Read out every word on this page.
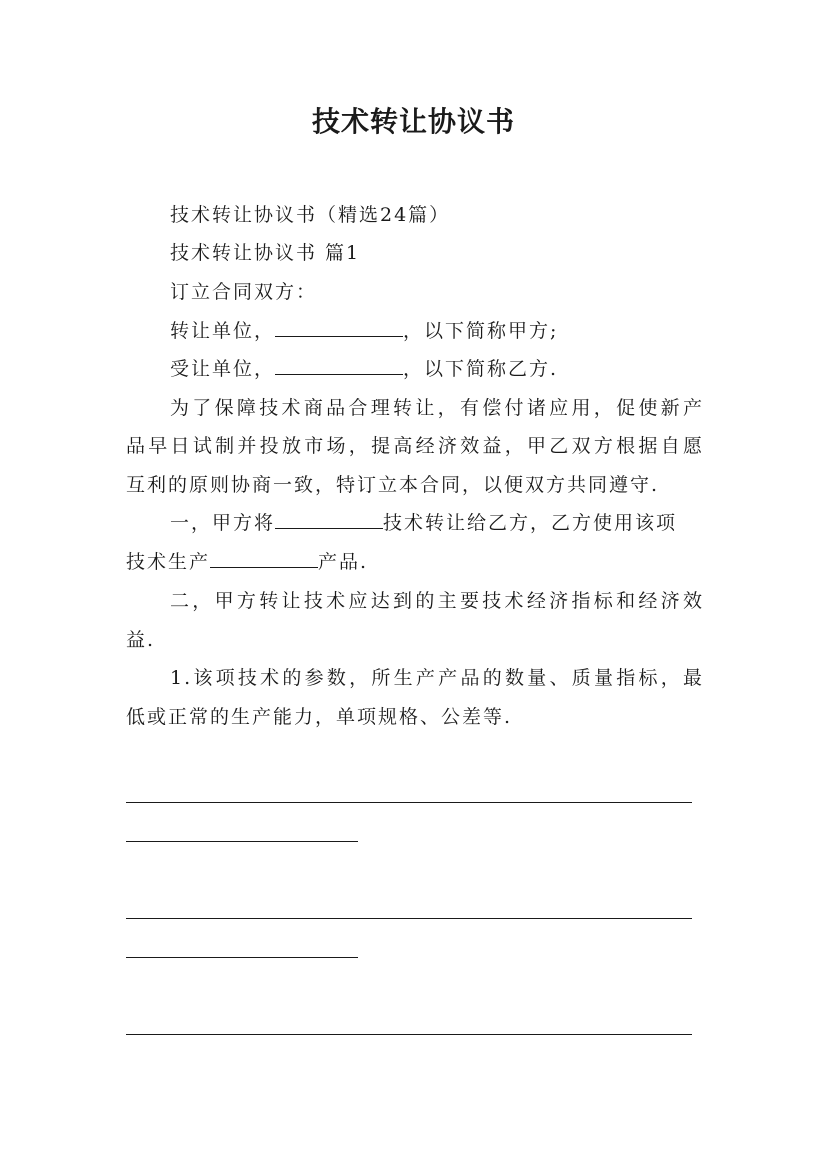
技术转让协议书
技术转让协议书（精选24篇）
技术转让协议书 篇1
订立合同双方：
转让单位，	，以下简称甲方;
受让单位，	，以下简称乙方.
为了保障技术商品合理转让，有偿付诸应用，促使新产
品早日试制并投放市场，提高经济效益，甲乙双方根据自愿
互利的原则协商一致，特订立本合同，以便双方共同遵守.
一，甲方将	技术转让给乙方，乙方使用该项
技术生产	产品.
二，甲方转让技术应达到的主要技术经济指标和经济效
益.
1.该项技术的参数，所生产产品的数量、质量指标，最
低或正常的生产能力，单项规格、公差等.
